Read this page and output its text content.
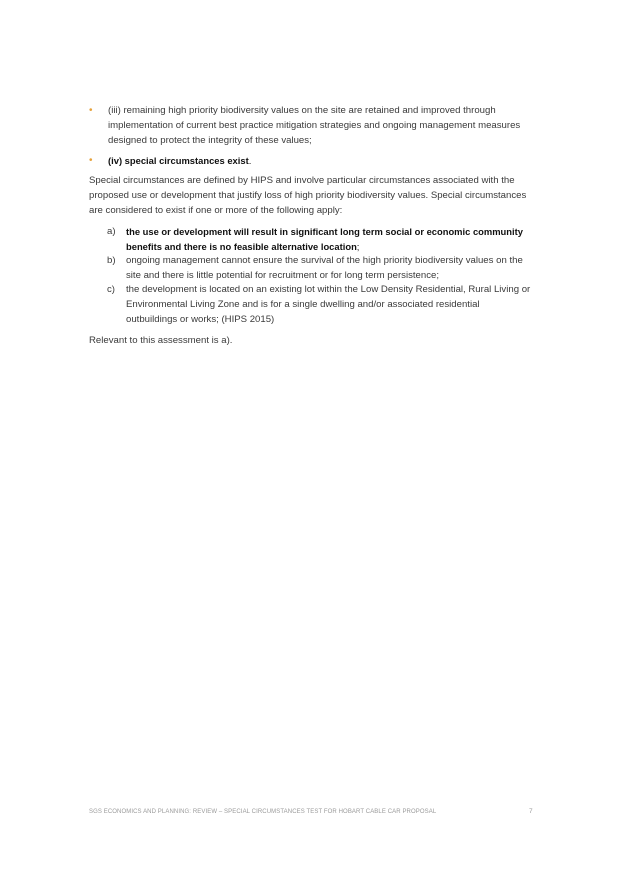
• (iii) remaining high priority biodiversity values on the site are retained and improved through
implementation of current best practice mitigation strategies and ongoing management measures
designed to protect the integrity of these values;
• (iv) special circumstances exist.
Special circumstances are defined by HIPS and involve particular circumstances associated with the
proposed use or development that justify loss of high priority biodiversity values. Special circumstances
are considered to exist if one or more of the following apply:
a) the use or development will result in significant long term social or economic community
benefits and there is no feasible alternative location;
b) ongoing management cannot ensure the survival of the high priority biodiversity values on the
site and there is little potential for recruitment or for long term persistence;
c) the development is located on an existing lot within the Low Density Residential, Rural Living or
Environmental Living Zone and is for a single dwelling and/or associated residential
outbuildings or works; (HIPS 2015)
Relevant to this assessment is a).
SGS ECONOMICS AND PLANNING: REVIEW – SPECIAL CIRCUMSTANCES TEST FOR HOBART CABLE CAR PROPOSAL	7
